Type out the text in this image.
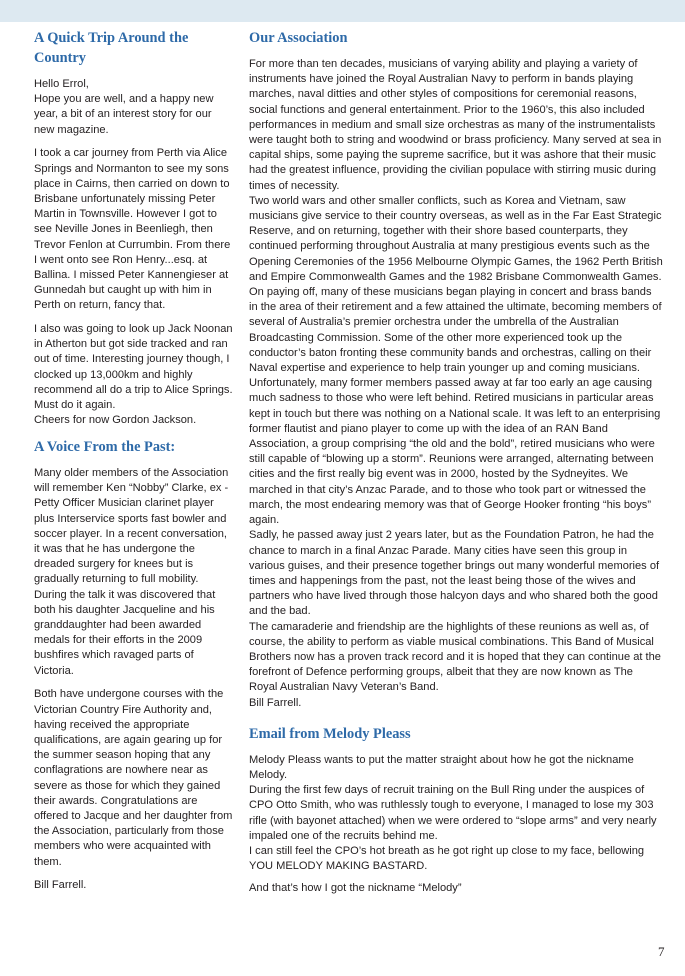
A Quick Trip Around the Country

Hello Errol,
Hope you are well, and a happy new year, a bit of an interest story for our new magazine.

I took a car journey from Perth via Alice Springs and Normanton to see my sons place in Cairns, then carried on down to Brisbane unfortunately missing Peter Martin in Townsville. However I got to see Neville Jones in Beenliegh, then Trevor Fenlon at Currumbin. From there I went onto see Ron Henry...esq. at Ballina. I missed Peter Kannengieser at Gunnedah but caught up with him in Perth on return, fancy that.

I also was going to look up Jack Noonan in Atherton but got side tracked and ran out of time. Interesting journey though, I clocked up 13,000km and highly recommend all do a trip to Alice Springs.
Must do it again.
Cheers for now Gordon Jackson.

A Voice From the Past:

Many older members of the Association will remember Ken “Nobby” Clarke, ex - Petty Officer Musician clarinet player plus Interservice sports fast bowler and soccer player. In a recent conversation, it was that he has undergone the dreaded surgery for knees but is gradually returning to full mobility. During the talk it was discovered that both his daughter Jacqueline and his granddaughter had been awarded medals for their efforts in the 2009 bushfires which ravaged parts of Victoria.

Both have undergone courses with the Victorian Country Fire Authority and, having received the appropriate qualifications, are again gearing up for the summer season hoping that any conflagrations are nowhere near as severe as those for which they gained their awards. Congratulations are offered to Jacque and her daughter from the Association, particularly from those members who were acquainted with them.

Bill Farrell.

Our Association

For more than ten decades, musicians of varying ability and playing a variety of instruments have joined the Royal Australian Navy to perform in bands playing marches, naval ditties and other styles of compositions for ceremonial reasons, social functions and general entertainment. Prior to the 1960’s, this also included performances in medium and small size orchestras as many of the instrumentalists were taught both to string and woodwind or brass proficiency. Many served at sea in capital ships, some paying the supreme sacrifice, but it was ashore that their music had the greatest influence, providing the civilian populace with stirring music during times of necessity.

Two world wars and other smaller conflicts, such as Korea and Vietnam, saw musicians give service to their country overseas, as well as in the Far East Strategic Reserve, and on returning, together with their shore based counterparts, they continued performing throughout Australia at many prestigious events such as the Opening Ceremonies of the 1956 Melbourne Olympic Games, the 1962 Perth British and Empire Commonwealth Games and the 1982 Brisbane Commonwealth Games.

On paying off, many of these musicians began playing in concert and brass bands in the area of their retirement and a few attained the ultimate, becoming members of several of Australia’s premier orchestra under the umbrella of the Australian Broadcasting Commission. Some of the other more experienced took up the conductor’s baton fronting these community bands and orchestras, calling on their Naval expertise and experience to help train younger up and coming musicians.

Unfortunately, many former members passed away at far too early an age causing much sadness to those who were left behind. Retired musicians in particular areas kept in touch but there was nothing on a National scale. It was left to an enterprising former flautist and piano player to come up with the idea of an RAN Band Association, a group comprising “the old and the bold”, retired musicians who were still capable of “blowing up a storm”. Reunions were arranged, alternating between cities and the first really big event was in 2000, hosted by the Sydneyites. We marched in that city’s Anzac Parade, and to those who took part or witnessed the march, the most endearing memory was that of George Hooker fronting “his boys” again.

Sadly, he passed away just 2 years later, but as the Foundation Patron, he had the chance to march in a final Anzac Parade. Many cities have seen this group in various guises, and their presence together brings out many wonderful memories of times and happenings from the past, not the least being those of the wives and partners who have lived through those halcyon days and who shared both the good and the bad.

The camaraderie and friendship are the highlights of these reunions as well as, of course, the ability to perform as viable musical combinations. This Band of Musical Brothers now has a proven track record and it is hoped that they can continue at the forefront of Defence performing groups, albeit that they are now known as The Royal Australian Navy Veteran’s Band.

Bill Farrell.

Email from Melody Pleass

Melody Pleass wants to put the matter straight about how he got the nickname Melody.

During the first few days of recruit training on the Bull Ring under the auspices of CPO Otto Smith, who was ruthlessly tough to everyone, I managed to lose my 303 rifle (with bayonet attached) when we were ordered to “slope arms” and very nearly impaled one of the recruits behind me.

I can still feel the CPO’s hot breath as he got right up close to my face, bellowing YOU MELODY MAKING BASTARD.

And that’s how I got the nickname “Melody”

7
